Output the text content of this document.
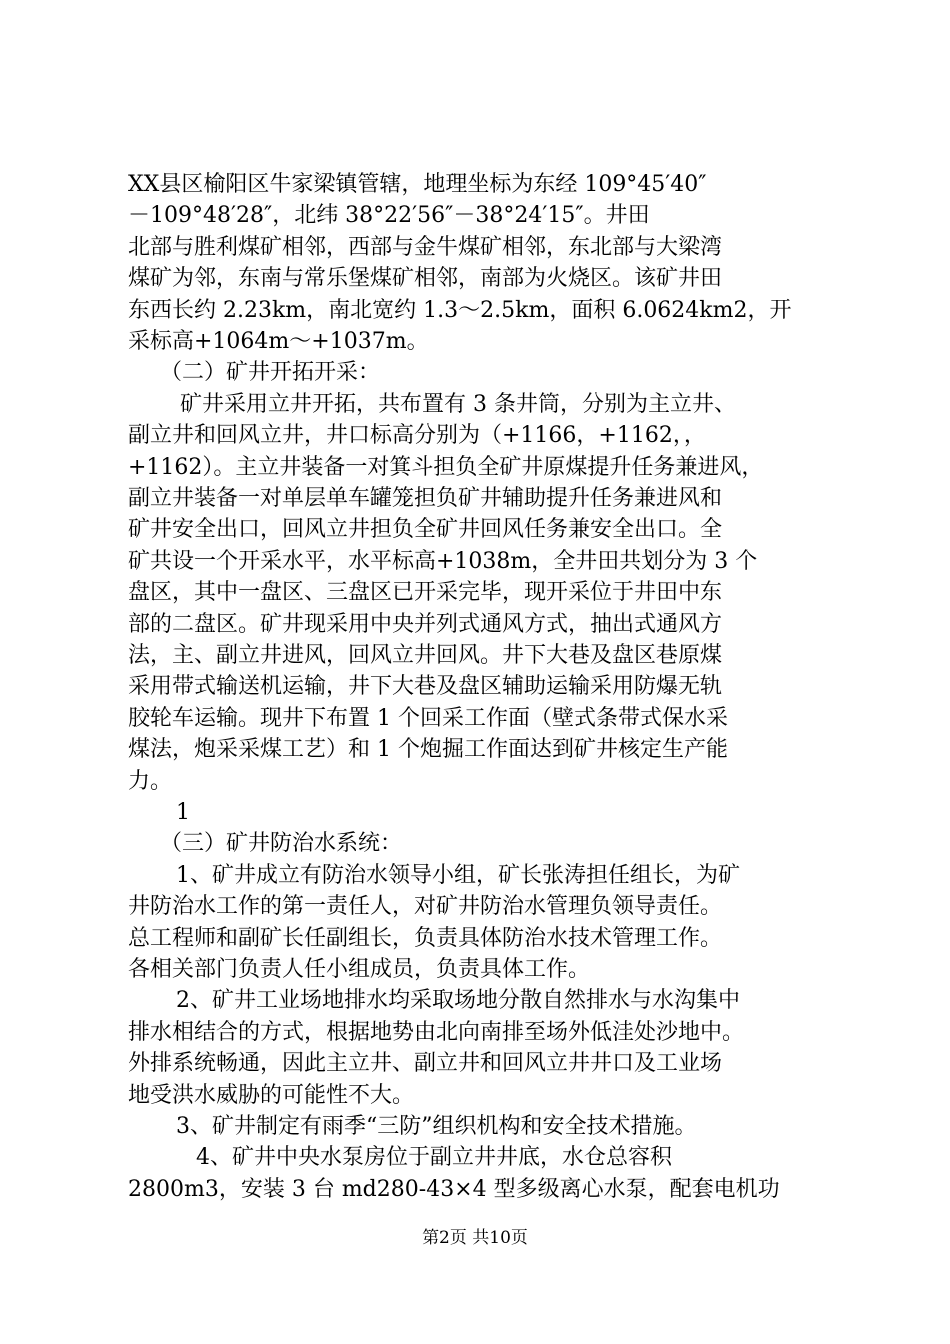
XX县区榆阳区牛家梁镇管辖，地理坐标为东经 109°45′40″
－109°48′28″，北纬 38°22′56″－38°24′15″。井田
北部与胜利煤矿相邻，西部与金牛煤矿相邻，东北部与大梁湾
煤矿为邻，东南与常乐堡煤矿相邻，南部为火烧区。该矿井田
东西长约 2.23km，南北宽约 1.3～2.5km，面积 6.0624km2，开
采标高+1064m～+1037m。
（二）矿井开拓开采：
矿井采用立井开拓，共布置有 3 条井筒，分别为主立井、
副立井和回风立井，井口标高分别为（+1166，+1162，，
+1162）。主立井装备一对箕斗担负全矿井原煤提升任务兼进风，
副立井装备一对单层单车罐笼担负矿井辅助提升任务兼进风和
矿井安全出口，回风立井担负全矿井回风任务兼安全出口。全
矿共设一个开采水平，水平标高+1038m，全井田共划分为 3 个
盘区，其中一盘区、三盘区已开采完毕，现开采位于井田中东
部的二盘区。矿井现采用中央并列式通风方式，抽出式通风方
法，主、副立井进风，回风立井回风。井下大巷及盘区巷原煤
采用带式输送机运输，井下大巷及盘区辅助运输采用防爆无轨
胶轮车运输。现井下布置 1 个回采工作面（壁式条带式保水采
煤法，炮采采煤工艺）和 1 个炮掘工作面达到矿井核定生产能
力。
1
（三）矿井防治水系统：
1、矿井成立有防治水领导小组，矿长张涛担任组长，为矿
井防治水工作的第一责任人，对矿井防治水管理负领导责任。
总工程师和副矿长任副组长，负责具体防治水技术管理工作。
各相关部门负责人任小组成员，负责具体工作。
2、矿井工业场地排水均采取场地分散自然排水与水沟集中
排水相结合的方式，根据地势由北向南排至场外低洼处沙地中。
外排系统畅通，因此主立井、副立井和回风立井井口及工业场
地受洪水威胁的可能性不大。
3、矿井制定有雨季“三防”组织机构和安全技术措施。
4、矿井中央水泵房位于副立井井底，水仓总容积
2800m3，安装 3 台 md280-43×4 型多级离心水泵，配套电机功
第2页 共10页
